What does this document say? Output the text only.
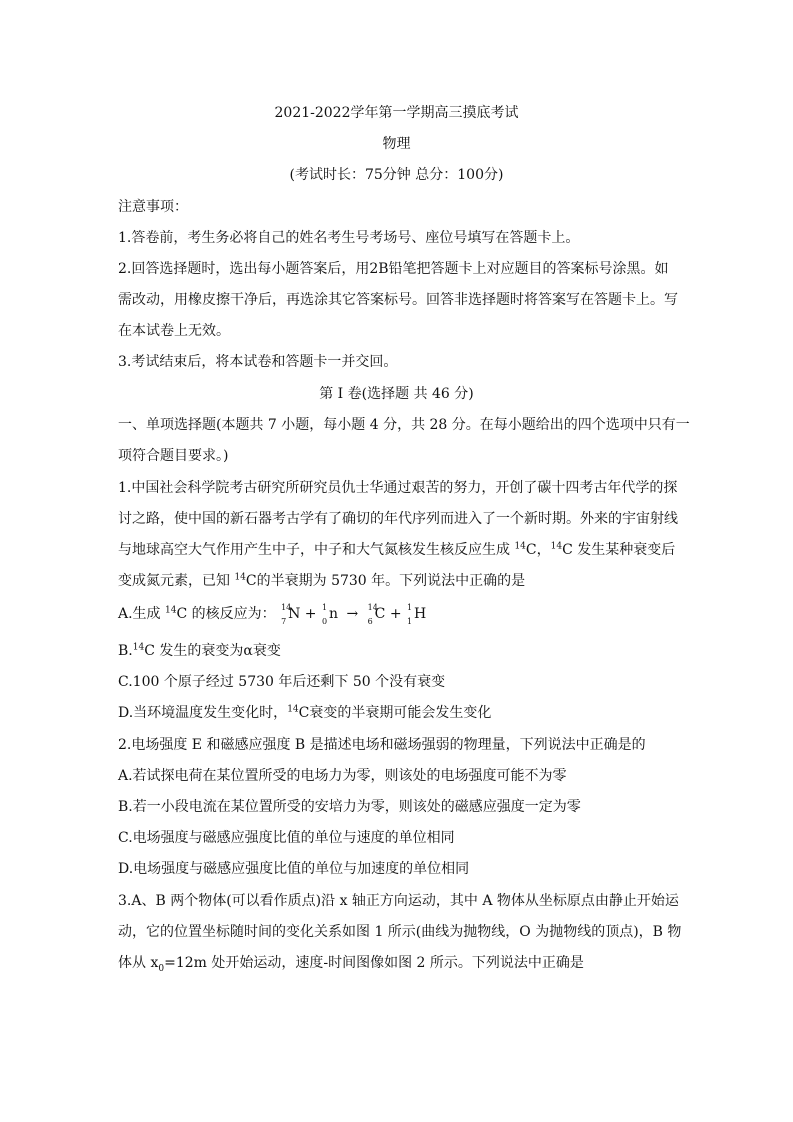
2021-2022学年第一学期高三摸底考试
物理
(考试时长：75分钟 总分：100分)
注意事项：
1.答卷前，考生务必将自己的姓名考生号考场号、座位号填写在答题卡上。
2.回答选择题时，选出每小题答案后，用2B铅笔把答题卡上对应题目的答案标号涂黑。如
需改动，用橡皮擦干净后，再选涂其它答案标号。回答非选择题时将答案写在答题卡上。写
在本试卷上无效。
3.考试结束后，将本试卷和答题卡一并交回。
第 I 卷(选择题 共 46 分)
一、单项选择题(本题共 7 小题，每小题 4 分，共 28 分。在每小题给出的四个选项中只有一
项符合题目要求。)
1.中国社会科学院考古研究所研究员仇士华通过艰苦的努力，开创了碳十四考古年代学的探
讨之路，使中国的新石器考古学有了确切的年代序列而进入了一个新时期。外来的宇宙射线
与地球高空大气作用产生中子，中子和大气氮核发生核反应生成 $^{14}$C，$^{14}$C 发生某种衰变后
变成氮元素，已知 $^{14}$C的半衰期为 5730 年。下列说法中正确的是
A.生成 $^{14}$C 的核反应为： 14
7 N + 1
0 n → 14
6 C + 1
1 H
B.$^{14}$C 发生的衰变为α衰变
C.100 个原子经过 5730 年后还剩下 50 个没有衰变
D.当环境温度发生变化时，$^{14}$C衰变的半衰期可能会发生变化
2.电场强度 E 和磁感应强度 B 是描述电场和磁场强弱的物理量，下列说法中正确是的
A.若试探电荷在某位置所受的电场力为零，则该处的电场强度可能不为零
B.若一小段电流在某位置所受的安培力为零，则该处的磁感应强度一定为零
C.电场强度与磁感应强度比值的单位与速度的单位相同
D.电场强度与磁感应强度比值的单位与加速度的单位相同
3.A、B 两个物体(可以看作质点)沿 x 轴正方向运动，其中 A 物体从坐标原点由静止开始运
动，它的位置坐标随时间的变化关系如图 1 所示(曲线为抛物线，O 为抛物线的顶点)，B 物
体从 $x_0=12m$ 处开始运动，速度-时间图像如图 2 所示。下列说法中正确是
